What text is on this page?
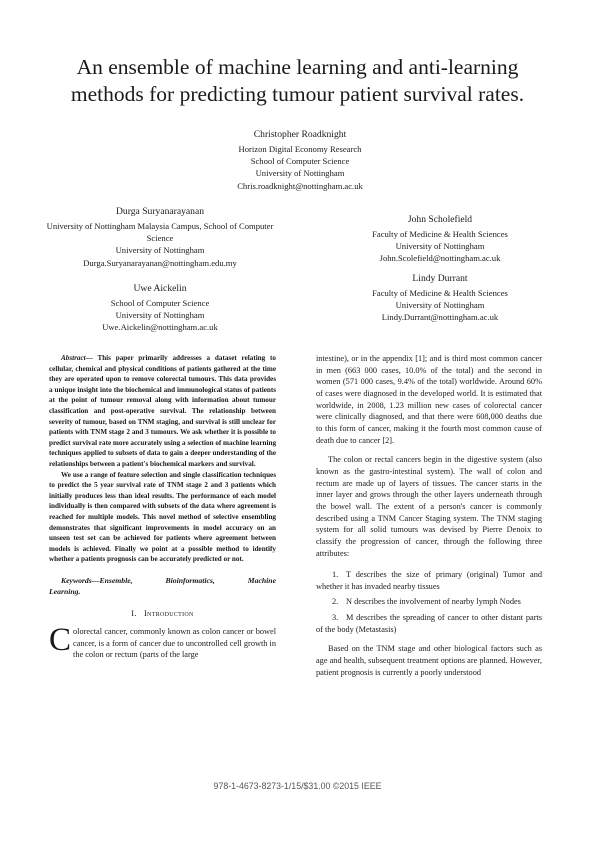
An ensemble of machine learning and anti-learning
methods for predicting tumour patient survival rates.
Christopher Roadknight
Horizon Digital Economy Research
School of Computer Science
University of Nottingham
Chris.roadknight@nottingham.ac.uk
Durga Suryanarayanan
University of Nottingham Malaysia Campus, School of Computer Science
University of Nottingham
Durga.Suryanarayanan@nottingham.edu.my
John Scholefield
Faculty of Medicine & Health Sciences
University of Nottingham
John.Scolefield@nottingham.ac.uk
Uwe Aickelin
School of Computer Science
University of Nottingham
Uwe.Aickelin@nottingham.ac.uk
Lindy Durrant
Faculty of Medicine & Health Sciences
University of Nottingham
Lindy.Durrant@nottingham.ac.uk

Abstract— This paper primarily addresses a dataset relating to cellular, chemical and physical conditions of patients gathered at the time they are operated upon to remove colorectal tumours. This data provides a unique insight into the biochemical and immunological status of patients at the point of tumour removal along with information about tumour classification and post-operative survival. The relationship between severity of tumour, based on TNM staging, and survival is still unclear for patients with TNM stage 2 and 3 tumours. We ask whether it is possible to predict survival rate more accurately using a selection of machine learning techniques applied to subsets of data to gain a deeper understanding of the relationships between a patient's biochemical markers and survival.

We use a range of feature selection and single classification techniques to predict the 5 year survival rate of TNM stage 2 and 3 patients which initially produces less than ideal results. The performance of each model individually is then compared with subsets of the data where agreement is reached for multiple models. This novel method of selective ensembling demonstrates that significant improvements in model accuracy on an unseen test set can be achieved for patients where agreement between models is achieved. Finally we point at a possible method to identify whether a patients prognosis can be accurately predicted or not.

Keywords—Ensemble, Bioinformatics, Machine Learning.

I. Introduction

Colorectal cancer, commonly known as colon cancer or bowel cancer, is a form of cancer due to uncontrolled cell growth in the colon or rectum (parts of the large

intestine), or in the appendix [1]; and is third most common cancer in men (663 000 cases, 10.0% of the total) and the second in women (571 000 cases, 9.4% of the total) worldwide. Around 60% of cases were diagnosed in the developed world. It is estimated that worldwide, in 2008, 1.23 million new cases of colorectal cancer were clinically diagnosed, and that there were 608,000 deaths due to this form of cancer, making it the fourth most common cause of death due to cancer [2].

The colon or rectal cancers begin in the digestive system (also known as the gastro-intestinal system). The wall of colon and rectum are made up of layers of tissues. The cancer starts in the inner layer and grows through the other layers underneath through the bowel wall. The extent of a person's cancer is commonly described using a TNM Cancer Staging system. The TNM staging system for all solid tumours was devised by Pierre Denoix to classify the progression of cancer, through the following three attributes:

1. T describes the size of primary (original) Tumor and whether it has invaded nearby tissues
2. N describes the involvement of nearby lymph Nodes
3. M describes the spreading of cancer to other distant parts of the body (Metastasis)

Based on the TNM stage and other biological factors such as age and health, subsequent treatment options are planned. However, patient prognosis is currently a poorly understood

978-1-4673-8273-1/15/$31.00 ©2015 IEEE
